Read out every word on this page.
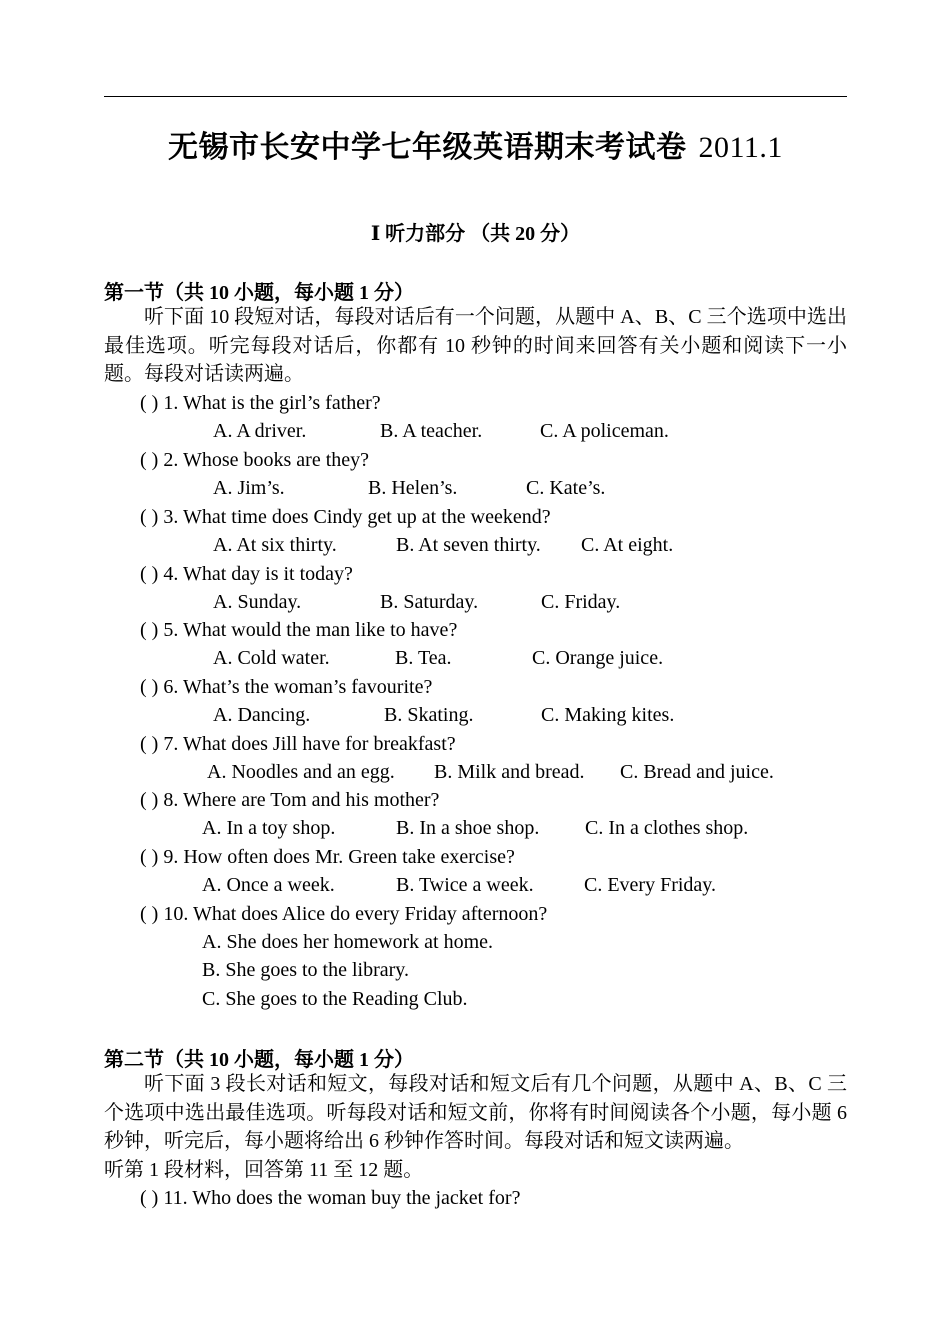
无锡市长安中学七年级英语期末考试卷 2011.1
Ⅰ 听力部分 （共 20 分）
第一节（共 10 小题，每小题 1 分）
听下面 10 段短对话，每段对话后有一个问题，从题中 A、B、C 三个选项中选出最佳选项。听完每段对话后，你都有 10 秒钟的时间来回答有关小题和阅读下一小题。每段对话读两遍。
( ) 1. What is the girl’s father?
A. A driver.	B. A teacher.	C. A policeman.
( ) 2. Whose books are they?
A. Jim’s.	B. Helen’s.	C. Kate’s.
( ) 3. What time does Cindy get up at the weekend?
A. At six thirty.	B. At seven thirty. C. At eight.
( ) 4. What day is it today?
A. Sunday.	B. Saturday.	C. Friday.
( ) 5. What would the man like to have?
A. Cold water.	B. Tea.	C. Orange juice.
( ) 6. What’s the woman’s favourite?
A. Dancing.	B. Skating.	C. Making kites.
( ) 7. What does Jill have for breakfast?
A. Noodles and an egg. B. Milk and bread. C. Bread and juice.
( ) 8. Where are Tom and his mother?
A. In a toy shop.	B. In a shoe shop. C. In a clothes shop.
( ) 9. How often does Mr. Green take exercise?
A. Once a week.	B. Twice a week.	C. Every Friday.
( ) 10. What does Alice do every Friday afternoon?
A. She does her homework at home.
B. She goes to the library.
C. She goes to the Reading Club.
第二节（共 10 小题，每小题 1 分）
听下面 3 段长对话和短文，每段对话和短文后有几个问题，从题中 A、B、C 三个选项中选出最佳选项。听每段对话和短文前，你将有时间阅读各个小题，每小题 6 秒钟，听完后，每小题将给出 6 秒钟作答时间。每段对话和短文读两遍。
听第 1 段材料，回答第 11 至 12 题。
( ) 11. Who does the woman buy the jacket for?
